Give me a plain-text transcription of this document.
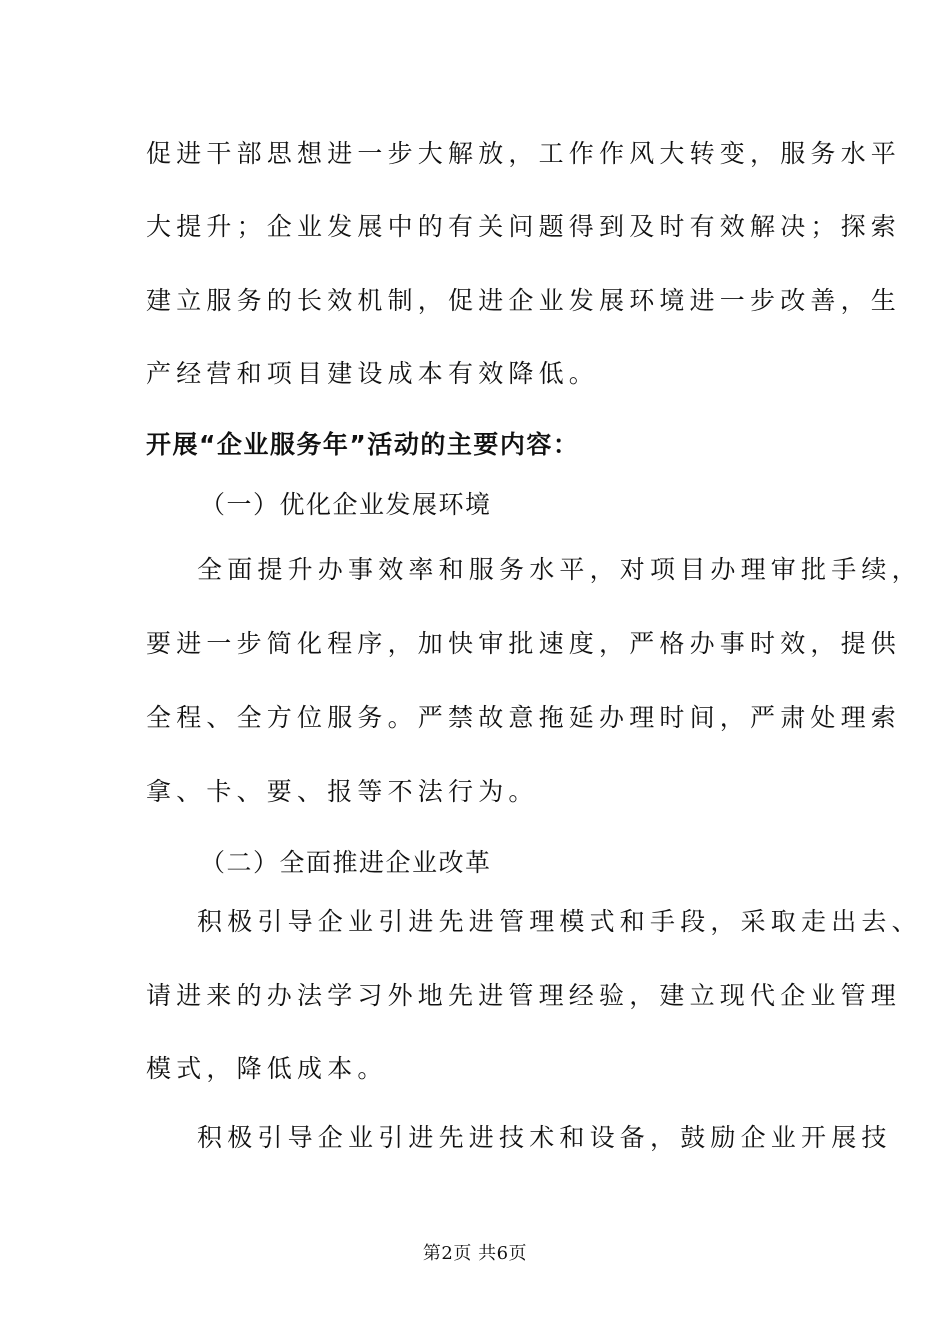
促进干部思想进一步大解放，工作作风大转变，服务水平
大提升；企业发展中的有关问题得到及时有效解决；探索
建立服务的长效机制，促进企业发展环境进一步改善，生
产经营和项目建设成本有效降低。
开展“企业服务年”活动的主要内容：
（一）优化企业发展环境
全面提升办事效率和服务水平，对项目办理审批手续，
要进一步简化程序，加快审批速度，严格办事时效，提供
全程、全方位服务。严禁故意拖延办理时间，严肃处理索
拿、卡、要、报等不法行为。
（二）全面推进企业改革
积极引导企业引进先进管理模式和手段，采取走出去、
请进来的办法学习外地先进管理经验，建立现代企业管理
模式，降低成本。
积极引导企业引进先进技术和设备，鼓励企业开展技
第2页 共6页
